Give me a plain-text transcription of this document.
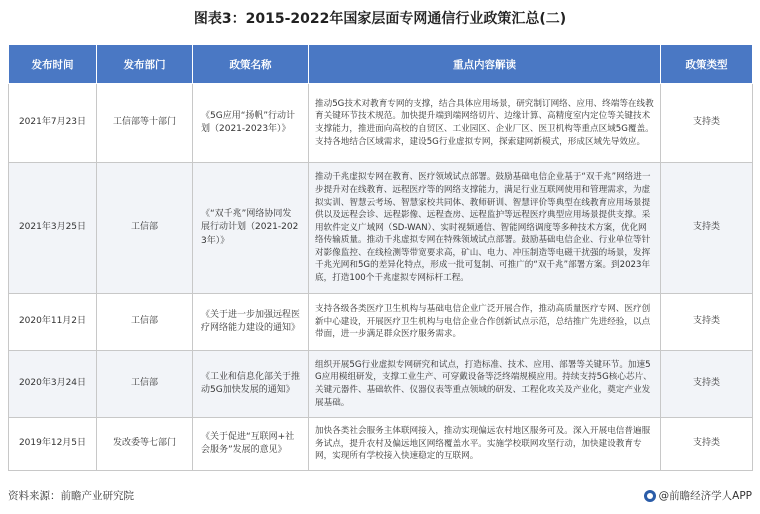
图表3：2015-2022年国家层面专网通信行业政策汇总(二)
发布时间	发布部门	政策名称	重点内容解读	政策类型
2021年7月23日	工信部等十部门	《5G应用“扬帆”行动计划（2021-2023年）》	推动5G技术对教育专网的支撑，结合具体应用场景，研究制订网络、应用、终端等在线教育关键环节技术规范。加快提升端到端网络切片、边缘计算、高精度室内定位等关键技术支撑能力，推进面向高校的自贸区、工业园区、企业厂区、医卫机构等重点区域5G覆盖。支持各地结合区域需求，建设5G行业虚拟专网，探索建网新模式，形成区域先导效应。	支持类
2021年3月25日	工信部	《“双千兆”网络协同发展行动计划（2021-2023年）》	推动千兆虚拟专网在教育、医疗领域试点部署。鼓励基础电信企业基于“双千兆”网络进一步提升对在线教育、远程医疗等的网络支撑能力，满足行业互联网使用和管理需求，为虚拟实训、智慧云考场、智慧家校共同体、教师研训、智慧评价等典型在线教育应用场景提供以及远程会诊、远程影像、远程查房、远程监护等远程医疗典型应用场景提供支撑。采用软件定义广域网（SD-WAN）、实时视频通信、智能网络调度等多种技术方案，优化网络传输质量。推动千兆虚拟专网在特殊领域试点部署。鼓励基础电信企业、行业单位等针对影像监控、在线检测等带宽要求高，矿山、电力、冲压制造等电磁干扰强的场景，发挥千兆光网和5G的差异化特点，形成一批可复制、可推广的“双千兆”部署方案。到2023年底，打造100个千兆虚拟专网标杆工程。	支持类
2020年11月2日	工信部	《关于进一步加强远程医疗网络能力建设的通知》	支持各级各类医疗卫生机构与基础电信企业广泛开展合作，推动高质量医疗专网、医疗创新中心建设，开展医疗卫生机构与电信企业合作创新试点示范，总结推广先进经验，以点带面，进一步满足群众医疗服务需求。	支持类
2020年3月24日	工信部	《工业和信息化部关于推动5G加快发展的通知》	组织开展5G行业虚拟专网研究和试点，打造标准、技术、应用、部署等关键环节。加速5G应用模组研发，支撑工业生产、可穿戴设备等泛终端规模应用。持续支持5G核心芯片、关键元器件、基础软件、仪器仪表等重点领域的研发、工程化攻关及产业化，奠定产业发展基础。	支持类
2019年12月5日	发改委等七部门	《关于促进“互联网+社会服务”发展的意见》	加快各类社会服务主体联网接入，推动实现偏远农村地区服务可及。深入开展电信普遍服务试点，提升农村及偏远地区网络覆盖水平。实施学校联网攻坚行动，加快建设教育专网，实现所有学校接入快速稳定的互联网。	支持类
资料来源：前瞻产业研究院	@前瞻经济学人APP
